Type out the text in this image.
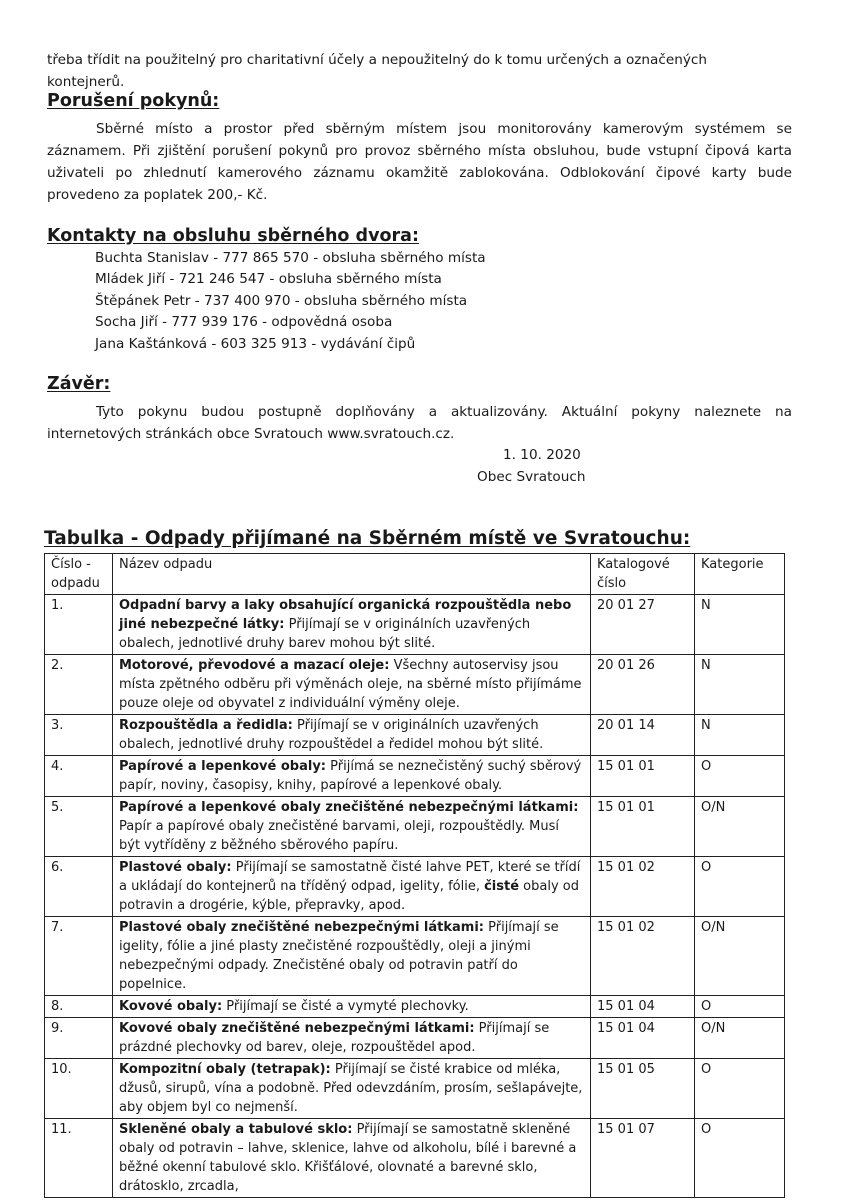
třeba třídit na použitelný pro charitativní účely a nepoužitelný do k tomu určených a označených

kontejnerů.

Porušení pokynů:

Sběrné místo a prostor před sběrným místem jsou monitorovány kamerovým systémem se záznamem. Při zjištění porušení pokynů pro provoz sběrného místa obsluhou, bude vstupní čipová karta uživateli po zhlednutí kamerového záznamu okamžitě zablokována. Odblokování čipové karty bude provedeno za poplatek 200,- Kč.

Kontakty na obsluhu sběrného dvora:

Buchta Stanislav - 777 865 570 - obsluha sběrného místa

Mládek Jiří - 721 246 547 - obsluha sběrného místa

Štěpánek Petr - 737 400 970 - obsluha sběrného místa

Socha Jiří - 777 939 176 - odpovědná osoba

Jana Kaštánková - 603 325 913 - vydávání čipů

Závěr:

Tyto pokynu budou postupně doplňovány a aktualizovány. Aktuální pokyny naleznete na internetových stránkách obce Svratouch www.svratouch.cz.

1. 10. 2020
Obec Svratouch
Tabulka - Odpady přijímané na Sběrném místě ve Svratouchu:
Číslo - odpadu	Název odpadu	Katalogové číslo	Kategorie
1.	Odpadní barvy a laky obsahující organická rozpouštědla nebo jiné nebezpečné látky: Přijímají se v originálních uzavřených obalech, jednotlivé druhy barev mohou být slité.	20 01 27	N
2.	Motorové, převodové a mazací oleje: Všechny autoservisy jsou místa zpětného odběru při výměnách oleje, na sběrné místo přijímáme pouze oleje od obyvatel z individuální výměny oleje.	20 01 26	N
3.	Rozpouštědla a ředidla: Přijímají se v originálních uzavřených obalech, jednotlivé druhy rozpouštědel a ředidel mohou být slité.	20 01 14	N
4.	Papírové a lepenkové obaly: Přijímá se neznečistěný suchý sběrový papír, noviny, časopisy, knihy, papírové a lepenkové obaly.	15 01 01	O
5.	Papírové a lepenkové obaly znečištěné nebezpečnými látkami: Papír a papírové obaly znečistěné barvami, oleji, rozpouštědly. Musí být vytříděny z běžného sběrového papíru.	15 01 01	O/N
6.	Plastové obaly: Přijímají se samostatně čisté lahve PET, které se třídí a ukládají do kontejnerů na tříděný odpad, igelity, fólie, čisté obaly od potravin a drogérie, kýble, přepravky, apod.	15 01 02	O
7.	Plastové obaly znečištěné nebezpečnými látkami: Přijímají se igelity, fólie a jiné plasty znečistěné rozpouštědly, oleji a jinými nebezpečnými odpady. Znečistěné obaly od potravin patří do popelnice.	15 01 02	O/N
8.	Kovové obaly: Přijímají se čisté a vymyté plechovky.	15 01 04	O
9.	Kovové obaly znečištěné nebezpečnými látkami: Přijímají se prázdné plechovky od barev, oleje, rozpouštědel apod.	15 01 04	O/N
10.	Kompozitní obaly (tetrapak): Přijímají se čisté krabice od mléka, džusů, sirupů, vína a podobně. Před odevzdáním, prosím, sešlapávejte, aby objem byl co nejmenší.	15 01 05	O
11.	Skleněné obaly a tabulové sklo: Přijímají se samostatně skleněné obaly od potravin – lahve, sklenice, lahve od alkoholu, bílé i barevné a běžné okenní tabulové sklo. Křišťálové, olovnaté a barevné sklo, drátosklo, zrcadla,	15 01 07	O
